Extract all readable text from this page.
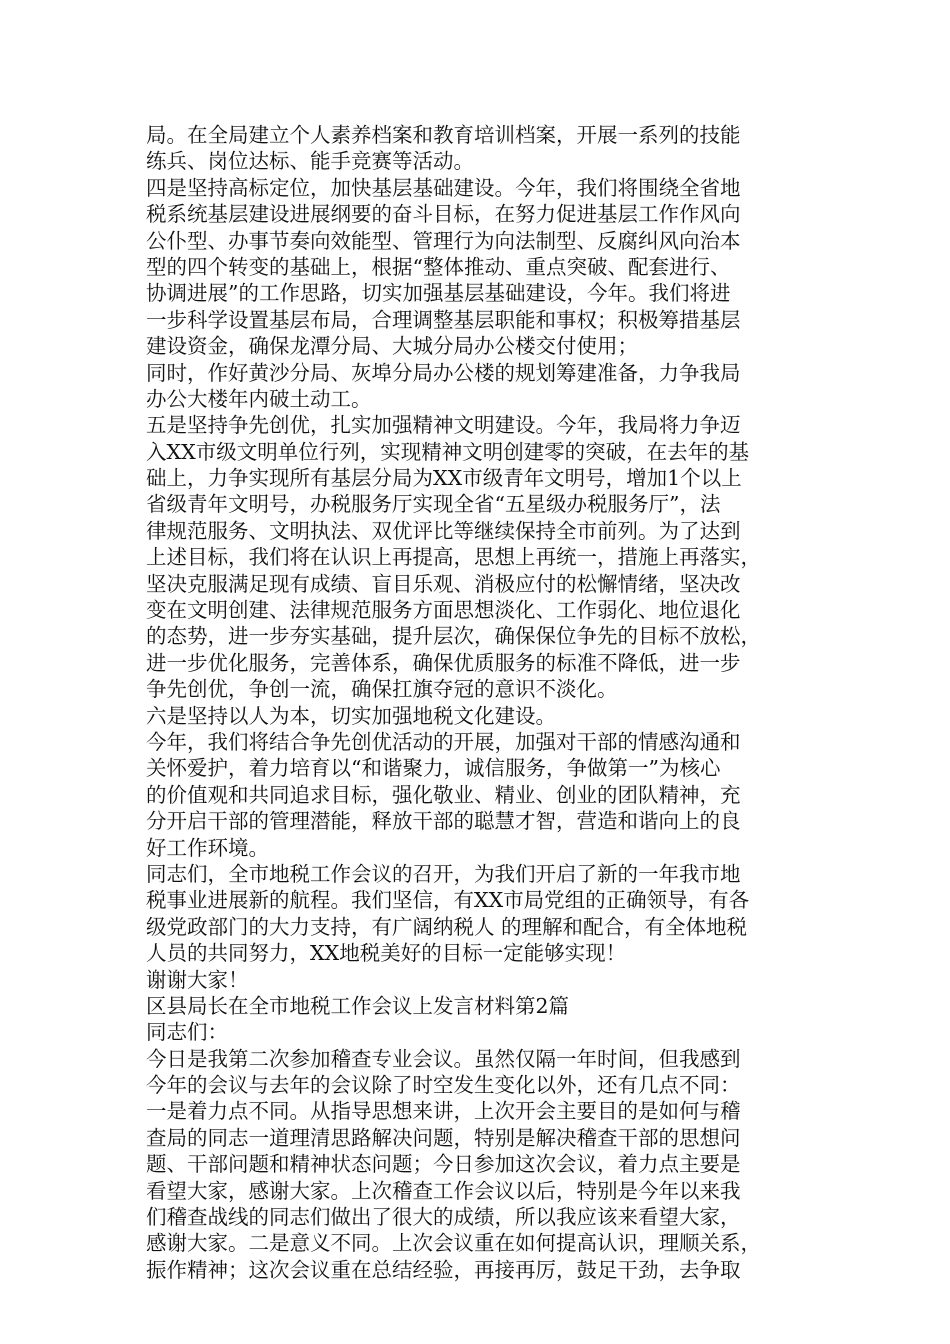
局。在全局建立个人素养档案和教育培训档案，开展一系列的技能
练兵、岗位达标、能手竞赛等活动。
四是坚持高标定位，加快基层基础建设。今年，我们将围绕全省地
税系统基层建设进展纲要的奋斗目标，在努力促进基层工作作风向
公仆型、办事节奏向效能型、管理行为向法制型、反腐纠风向治本
型的四个转变的基础上，根据“整体推动、重点突破、配套进行、
协调进展”的工作思路，切实加强基层基础建设，今年。我们将进
一步科学设置基层布局，合理调整基层职能和事权；积极筹措基层
建设资金，确保龙潭分局、大城分局办公楼交付使用；
同时，作好黄沙分局、灰埠分局办公楼的规划筹建准备，力争我局
办公大楼年内破土动工。
五是坚持争先创优，扎实加强精神文明建设。今年，我局将力争迈
入XX市级文明单位行列，实现精神文明创建零的突破，在去年的基
础上，力争实现所有基层分局为XX市级青年文明号，增加1个以上
省级青年文明号，办税服务厅实现全省“五星级办税服务厅”，法
律规范服务、文明执法、双优评比等继续保持全市前列。为了达到
上述目标，我们将在认识上再提高，思想上再统一，措施上再落实，
坚决克服满足现有成绩、盲目乐观、消极应付的松懈情绪，坚决改
变在文明创建、法律规范服务方面思想淡化、工作弱化、地位退化
的态势，进一步夯实基础，提升层次，确保保位争先的目标不放松，
进一步优化服务，完善体系，确保优质服务的标准不降低，进一步
争先创优，争创一流，确保扛旗夺冠的意识不淡化。
六是坚持以人为本，切实加强地税文化建设。
今年，我们将结合争先创优活动的开展，加强对干部的情感沟通和
关怀爱护，着力培育以“和谐聚力，诚信服务，争做第一”为核心
的价值观和共同追求目标，强化敬业、精业、创业的团队精神，充
分开启干部的管理潜能，释放干部的聪慧才智，营造和谐向上的良
好工作环境。
同志们，全市地税工作会议的召开，为我们开启了新的一年我市地
税事业进展新的航程。我们坚信，有XX市局党组的正确领导，有各
级党政部门的大力支持，有广阔纳税人 的理解和配合，有全体地税
人员的共同努力，XX地税美好的目标一定能够实现！
谢谢大家！
区县局长在全市地税工作会议上发言材料第2篇
同志们：
今日是我第二次参加稽查专业会议。虽然仅隔一年时间，但我感到
今年的会议与去年的会议除了时空发生变化以外，还有几点不同：
一是着力点不同。从指导思想来讲，上次开会主要目的是如何与稽
查局的同志一道理清思路解决问题，特别是解决稽查干部的思想问
题、干部问题和精神状态问题；今日参加这次会议，着力点主要是
看望大家，感谢大家。上次稽查工作会议以后，特别是今年以来我
们稽查战线的同志们做出了很大的成绩，所以我应该来看望大家，
感谢大家。二是意义不同。上次会议重在如何提高认识，理顺关系，
振作精神；这次会议重在总结经验，再接再厉，鼓足干劲，去争取
